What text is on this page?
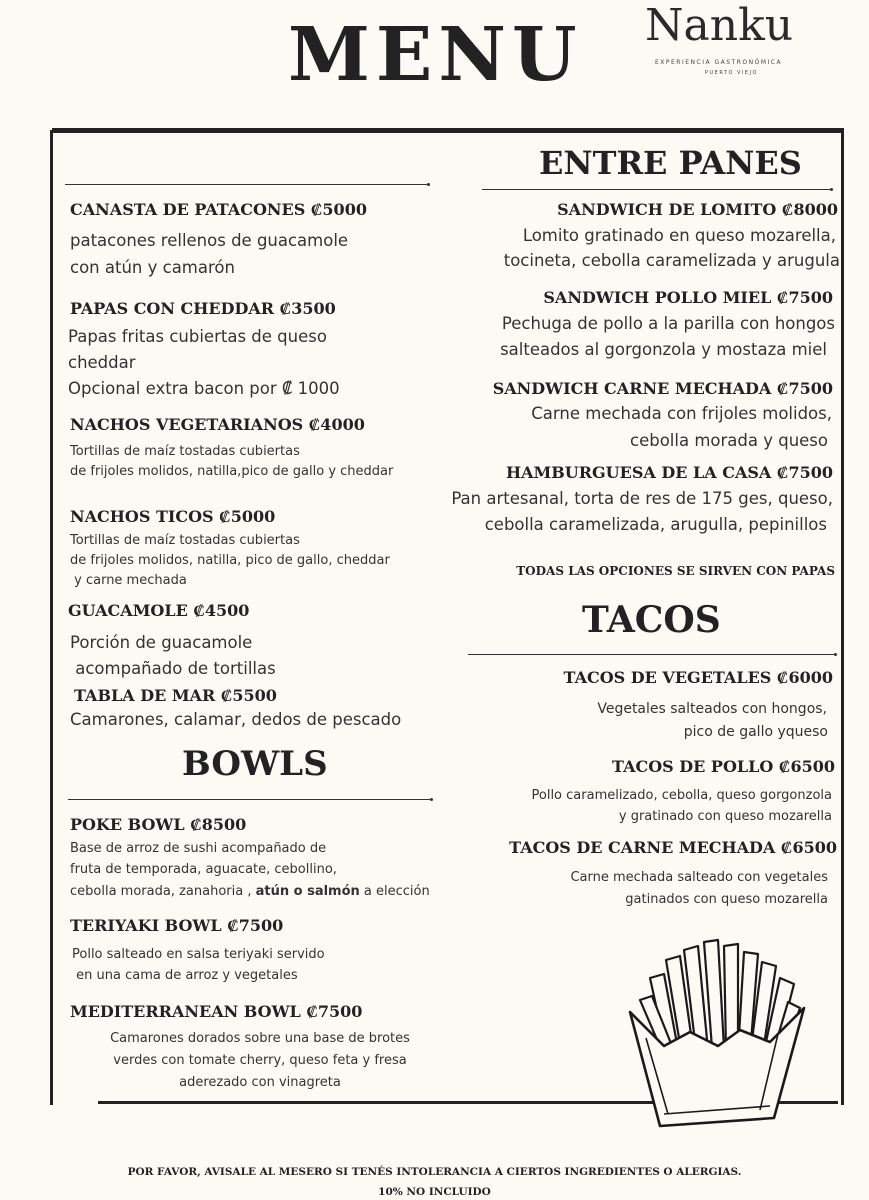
MENU Nanku
EXPERIENCIA GASTRONÓMICA
PUERTO VIEJO
CANASTA DE PATACONES ₡5000
patacones rellenos de guacamole
con atún y camarón
PAPAS CON CHEDDAR ₡3500
Papas fritas cubiertas de queso
cheddar
Opcional extra bacon por ₡ 1000
NACHOS VEGETARIANOS ₡4000
Tortillas de maíz tostadas cubiertas
de frijoles molidos, natilla,pico de gallo y cheddar
NACHOS TICOS ₡5000
Tortillas de maíz tostadas cubiertas
de frijoles molidos, natilla, pico de gallo, cheddar
y carne mechada
GUACAMOLE ₡4500
Porción de guacamole
acompañado de tortillas
TABLA DE MAR ₡5500
Camarones, calamar, dedos de pescado
BOWLS
POKE BOWL ₡8500
Base de arroz de sushi acompañado de
fruta de temporada, aguacate, cebollino,
cebolla morada, zanahoria , atún o salmón a elección
TERIYAKI BOWL ₡7500
Pollo salteado en salsa teriyaki servido
en una cama de arroz y vegetales
MEDITERRANEAN BOWL ₡7500
Camarones dorados sobre una base de brotes
verdes con tomate cherry, queso feta y fresa
aderezado con vinagreta
ENTRE PANES
SANDWICH DE LOMITO ₡8000
Lomito gratinado en queso mozarella,
tocineta, cebolla caramelizada y arugula
SANDWICH POLLO MIEL ₡7500
Pechuga de pollo a la parilla con hongos
salteados al gorgonzola y mostaza miel
SANDWICH CARNE MECHADA ₡7500
Carne mechada con frijoles molidos,
cebolla morada y queso
HAMBURGUESA DE LA CASA ₡7500
Pan artesanal, torta de res de 175 ges, queso,
cebolla caramelizada, arugulla, pepinillos
TODAS LAS OPCIONES SE SIRVEN CON PAPAS
TACOS
TACOS DE VEGETALES ₡6000
Vegetales salteados con hongos,
pico de gallo yqueso
TACOS DE POLLO ₡6500
Pollo caramelizado, cebolla, queso gorgonzola
y gratinado con queso mozarella
TACOS DE CARNE MECHADA ₡6500
Carne mechada salteado con vegetales
gatinados con queso mozarella
POR FAVOR, AVISALE AL MESERO SI TENÉS INTOLERANCIA A CIERTOS INGREDIENTES O ALERGIAS.
10% NO INCLUIDO
